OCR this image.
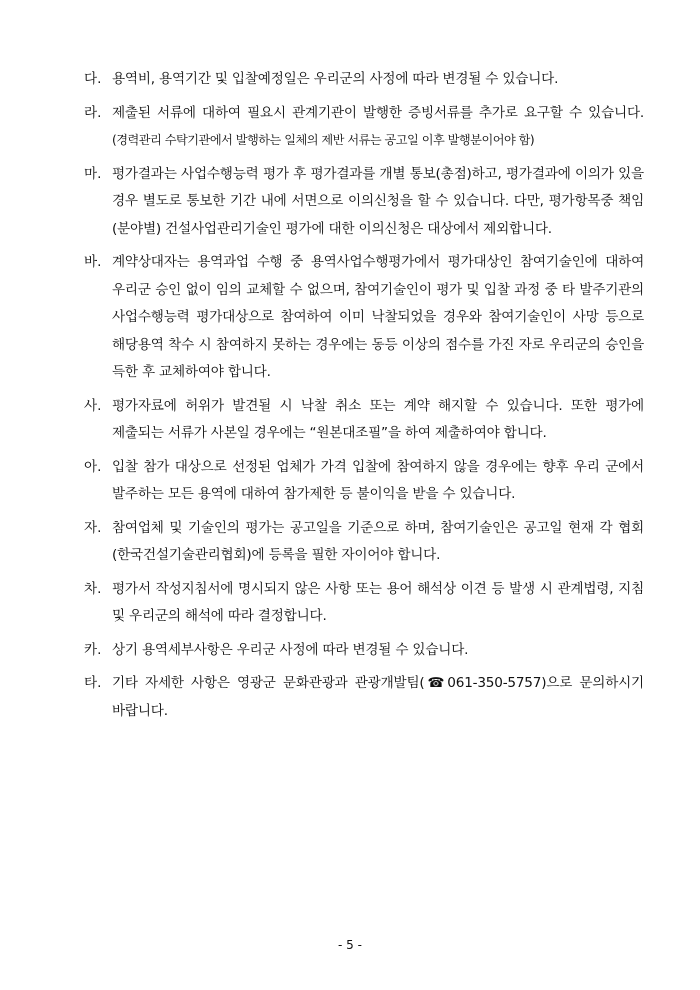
다. 용역비, 용역기간 및 입찰예정일은 우리군의 사정에 따라 변경될 수 있습니다.
라. 제출된 서류에 대하여 필요시 관계기관이 발행한 증빙서류를 추가로 요구할 수 있습니다.(경력관리 수탁기관에서 발행하는 일체의 제반 서류는 공고일 이후 발행분이어야 함)
마. 평가결과는 사업수행능력 평가 후 평가결과를 개별 통보(총점)하고, 평가결과에 이의가 있을 경우 별도로 통보한 기간 내에 서면으로 이의신청을 할 수 있습니다. 다만, 평가항목중 책임(분야별) 건설사업관리기술인 평가에 대한 이의신청은 대상에서 제외합니다.
바. 계약상대자는 용역과업 수행 중 용역사업수행평가에서 평가대상인 참여기술인에 대하여 우리군 승인 없이 임의 교체할 수 없으며, 참여기술인이 평가 및 입찰 과정 중 타 발주기관의 사업수행능력 평가대상으로 참여하여 이미 낙찰되었을 경우와 참여기술인이 사망 등으로 해당용역 착수 시 참여하지 못하는 경우에는 동등 이상의 점수를 가진 자로 우리군의 승인을 득한 후 교체하여야 합니다.
사. 평가자료에 허위가 발견될 시 낙찰 취소 또는 계약 해지할 수 있습니다. 또한 평가에 제출되는 서류가 사본일 경우에는 “원본대조필”을 하여 제출하여야 합니다.
아. 입찰 참가 대상으로 선정된 업체가 가격 입찰에 참여하지 않을 경우에는 향후 우리 군에서 발주하는 모든 용역에 대하여 참가제한 등 불이익을 받을 수 있습니다.
자. 참여업체 및 기술인의 평가는 공고일을 기준으로 하며, 참여기술인은 공고일 현재 각 협회(한국건설기술관리협회)에 등록을 필한 자이어야 합니다.
차. 평가서 작성지침서에 명시되지 않은 사항 또는 용어 해석상 이견 등 발생 시 관계법령, 지침 및 우리군의 해석에 따라 결정합니다.
카. 상기 용역세부사항은 우리군 사정에 따라 변경될 수 있습니다.
타. 기타 자세한 사항은 영광군 문화관광과 관광개발팀(☎061-350-5757)으로 문의하시기 바랍니다.
- 5 -
